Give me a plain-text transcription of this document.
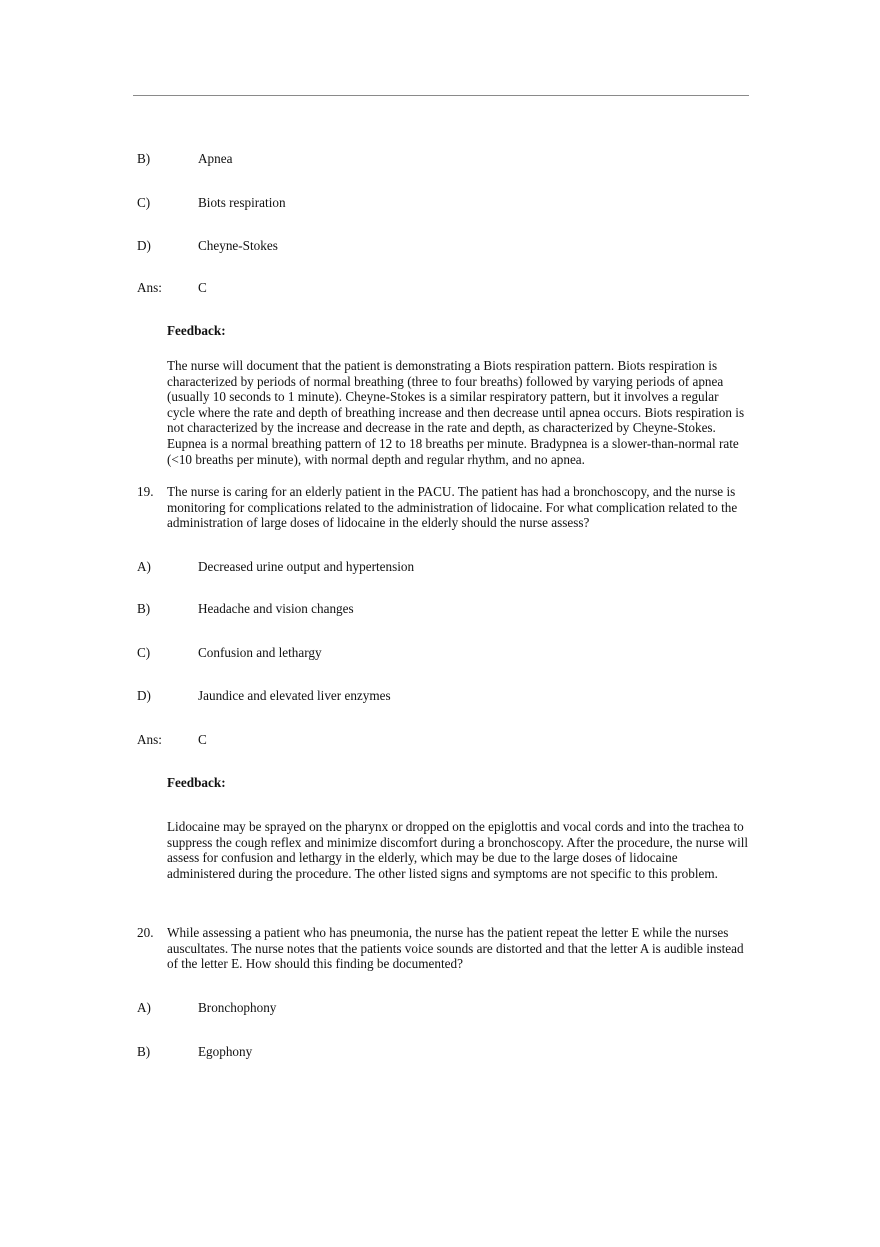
B)	Apnea
C)	Biots respiration
D)	Cheyne-Stokes
Ans:	C
Feedback:
The nurse will document that the patient is demonstrating a Biots respiration pattern. Biots respiration is characterized by periods of normal breathing (three to four breaths) followed by varying periods of apnea (usually 10 seconds to 1 minute). Cheyne-Stokes is a similar respiratory pattern, but it involves a regular cycle where the rate and depth of breathing increase and then decrease until apnea occurs. Biots respiration is not characterized by the increase and decrease in the rate and depth, as characterized by Cheyne-Stokes. Eupnea is a normal breathing pattern of 12 to 18 breaths per minute. Bradypnea is a slower-than-normal rate (<10 breaths per minute), with normal depth and regular rhythm, and no apnea.
19. The nurse is caring for an elderly patient in the PACU. The patient has had a bronchoscopy, and the nurse is monitoring for complications related to the administration of lidocaine. For what complication related to the administration of large doses of lidocaine in the elderly should the nurse assess?
A)	Decreased urine output and hypertension
B)	Headache and vision changes
C)	Confusion and lethargy
D)	Jaundice and elevated liver enzymes
Ans:	C
Feedback:
Lidocaine may be sprayed on the pharynx or dropped on the epiglottis and vocal cords and into the trachea to suppress the cough reflex and minimize discomfort during a bronchoscopy. After the procedure, the nurse will assess for confusion and lethargy in the elderly, which may be due to the large doses of lidocaine administered during the procedure. The other listed signs and symptoms are not specific to this problem.
20. While assessing a patient who has pneumonia, the nurse has the patient repeat the letter E while the nurses auscultates. The nurse notes that the patients voice sounds are distorted and that the letter A is audible instead of the letter E. How should this finding be documented?
A)	Bronchophony
B)	Egophony
